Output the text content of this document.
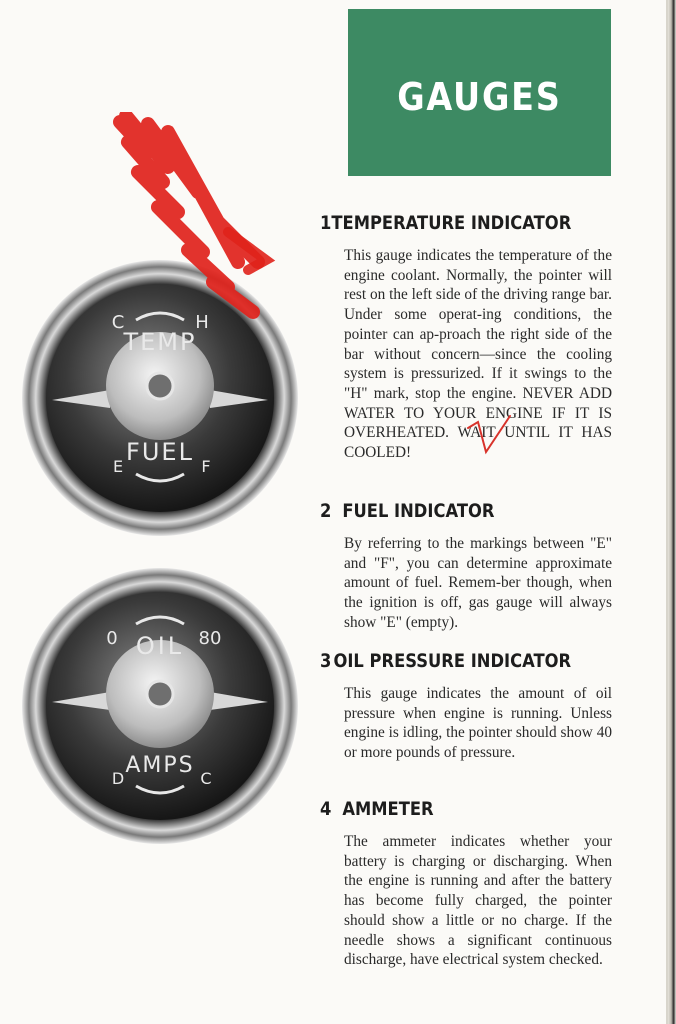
GAUGES
TEMP
C	H
FUEL
E	F
OIL
0	80
AMPS
D	C
1 TEMPERATURE INDICATOR
This gauge indicates the temperature of the engine coolant. Normally, the pointer will rest on the left side of the driving range bar. Under some operat-ing conditions, the pointer can ap-proach the right side of the bar without concern—since the cooling system is pressurized. If it swings to the "H" mark, stop the engine. NEVER ADD WATER TO YOUR ENGINE IF IT IS OVERHEATED. WAIT UNTIL IT HAS COOLED!
2 FUEL INDICATOR
By referring to the markings between "E" and "F", you can determine approximate amount of fuel. Remem-ber though, when the ignition is off, gas gauge will always show "E" (empty).
3 OIL PRESSURE INDICATOR
This gauge indicates the amount of oil pressure when engine is running. Unless engine is idling, the pointer should show 40 or more pounds of pressure.
4 AMMETER
The ammeter indicates whether your battery is charging or discharging. When the engine is running and after the battery has become fully charged, the pointer should show a little or no charge. If the needle shows a significant continuous discharge, have electrical system checked.
